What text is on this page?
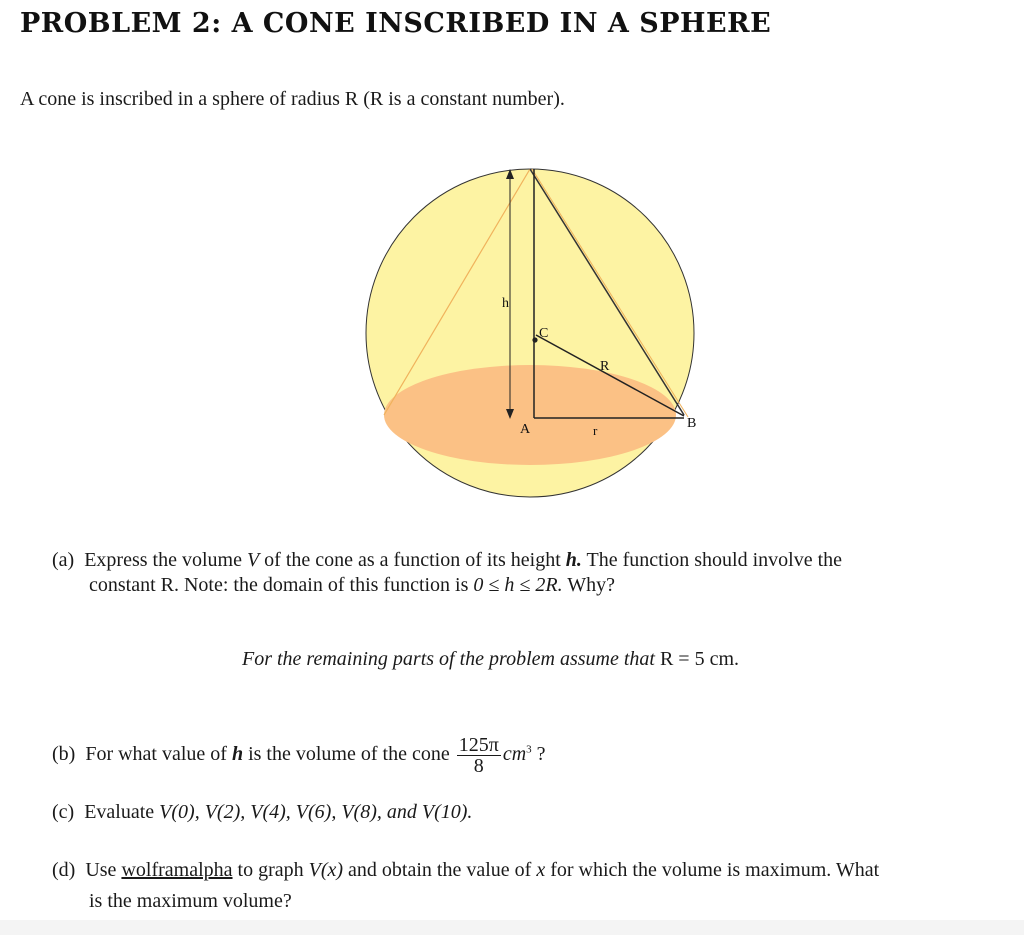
PROBLEM 2: A CONE INSCRIBED IN A SPHERE
A cone is inscribed in a sphere of radius R (R is a constant number).
h
C
R
A	r	B
(a) Express the volume V of the cone as a function of its height h. The function should involve the
constant R. Note: the domain of this function is 0 ≤ h ≤ 2R. Why?
For the remaining parts of the problem assume that R = 5 cm.
(b) For what value of h is the volume of the cone $\frac{125\pi}{8} cm^3$ ?
(c) Evaluate V(0), V(2), V(4), V(6), V(8), and V(10).
(d) Use wolframalpha to graph V(x) and obtain the value of x for which the volume is maximum. What
is the maximum volume?
